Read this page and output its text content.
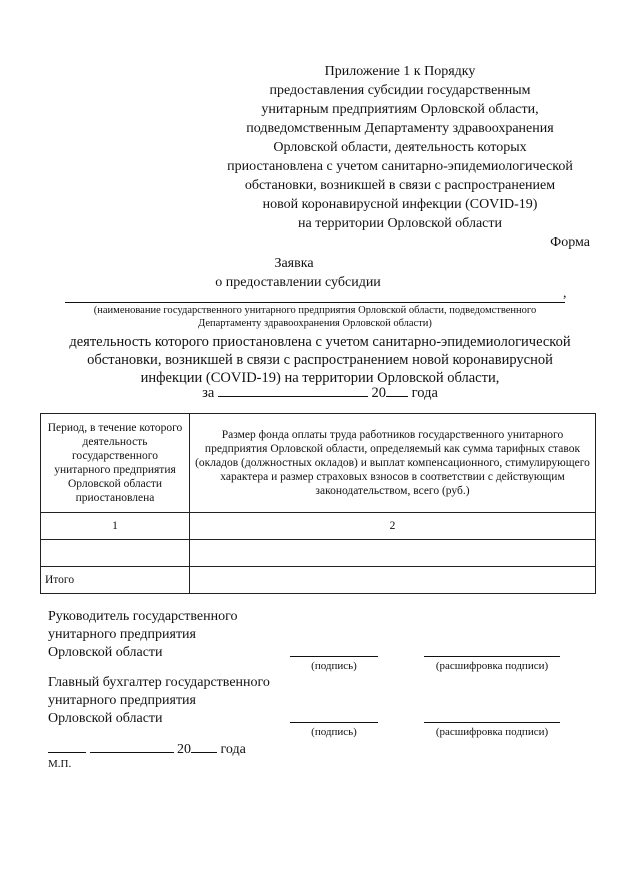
Приложение 1 к Порядку
предоставления субсидии государственным
унитарным предприятиям Орловской области,
подведомственным Департаменту здравоохранения
Орловской области, деятельность которых
приостановлена с учетом санитарно-эпидемиологической
обстановки, возникшей в связи с распространением
новой коронавирусной инфекции (COVID-19)
на территории Орловской области
Форма
Заявка
о предоставлении субсидии
,
(наименование государственного унитарного предприятия Орловской области, подведомственного
Департаменту здравоохранения Орловской области)
деятельность которого приостановлена с учетом санитарно-эпидемиологической
обстановки, возникшей в связи с распространением новой коронавирусной
инфекции (COVID-19) на территории Орловской области,
за	20 года
Период, в течение которого деятельность государственного унитарного предприятия Орловской области приостановлена	Размер фонда оплаты труда работников государственного унитарного предприятия Орловской области, определяемый как сумма тарифных ставок (окладов (должностных окладов) и выплат компенсационного, стимулирующего характера и размер страховых взносов в соответствии с действующим законодательством, всего (руб.)
1	2

Итого	
Руководитель государственного
унитарного предприятия
Орловской области
(подпись)	(расшифровка подписи)
Главный бухгалтер государственного
унитарного предприятия
Орловской области
(подпись)	(расшифровка подписи)
20 года
М.П.
